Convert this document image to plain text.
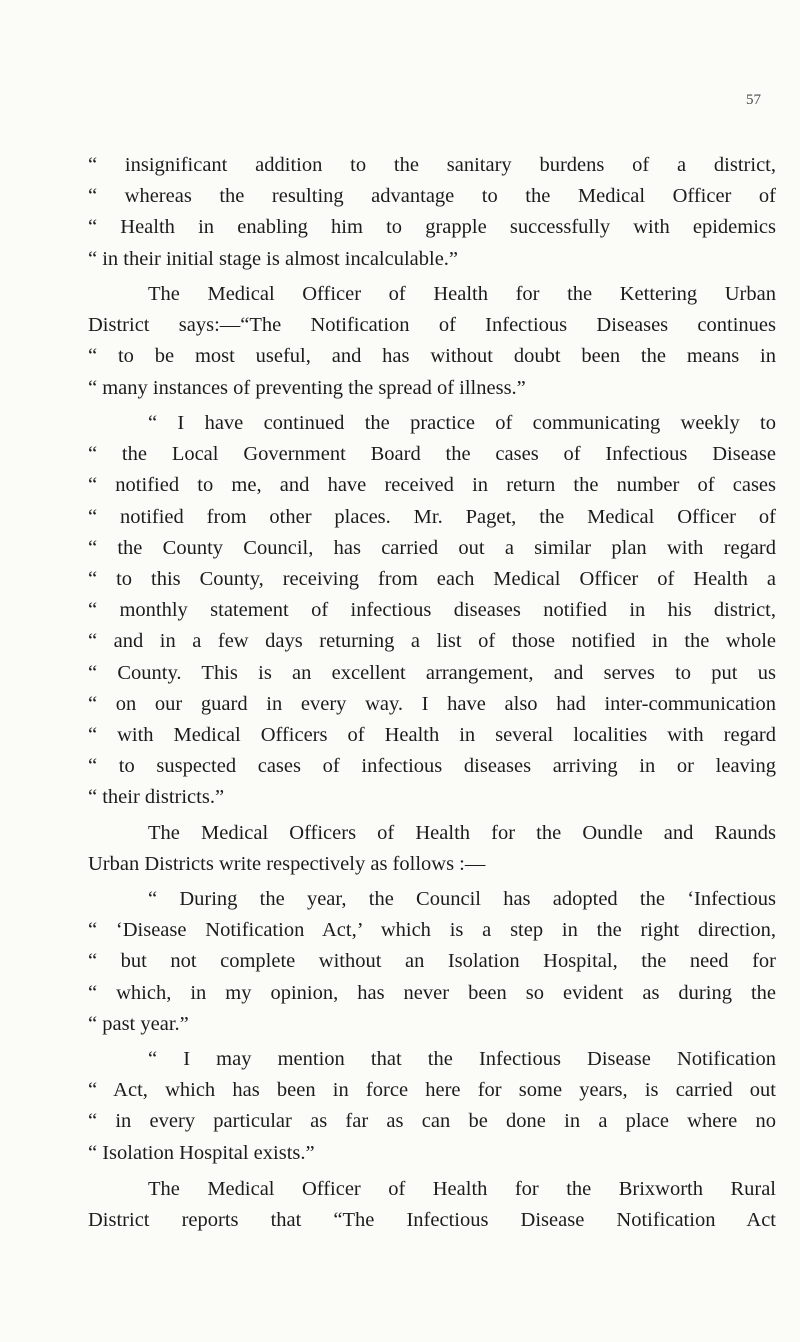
57
“ insignificant addition to the sanitary burdens of a district,
“ whereas the resulting advantage to the Medical Officer of
“ Health in enabling him to grapple successfully with epidemics
“ in their initial stage is almost incalculable.”
The Medical Officer of Health for the Kettering Urban
District says:—“The Notification of Infectious Diseases continues
“ to be most useful, and has without doubt been the means in
“ many instances of preventing the spread of illness.”
“ I have continued the practice of communicating weekly to
“ the Local Government Board the cases of Infectious Disease
“ notified to me, and have received in return the number of cases
“ notified from other places. Mr. Paget, the Medical Officer of
“ the County Council, has carried out a similar plan with regard
“ to this County, receiving from each Medical Officer of Health a
“ monthly statement of infectious diseases notified in his district,
“ and in a few days returning a list of those notified in the whole
“ County. This is an excellent arrangement, and serves to put us
“ on our guard in every way. I have also had inter-communication
“ with Medical Officers of Health in several localities with regard
“ to suspected cases of infectious diseases arriving in or leaving
“ their districts.”
The Medical Officers of Health for the Oundle and Raunds
Urban Districts write respectively as follows :—
“ During the year, the Council has adopted the ‘Infectious
“ ‘Disease Notification Act,’ which is a step in the right direction,
“ but not complete without an Isolation Hospital, the need for
“ which, in my opinion, has never been so evident as during the
“ past year.”
“ I may mention that the Infectious Disease Notification
“ Act, which has been in force here for some years, is carried out
“ in every particular as far as can be done in a place where no
“ Isolation Hospital exists.”
The Medical Officer of Health for the Brixworth Rural
District reports that “The Infectious Disease Notification Act
